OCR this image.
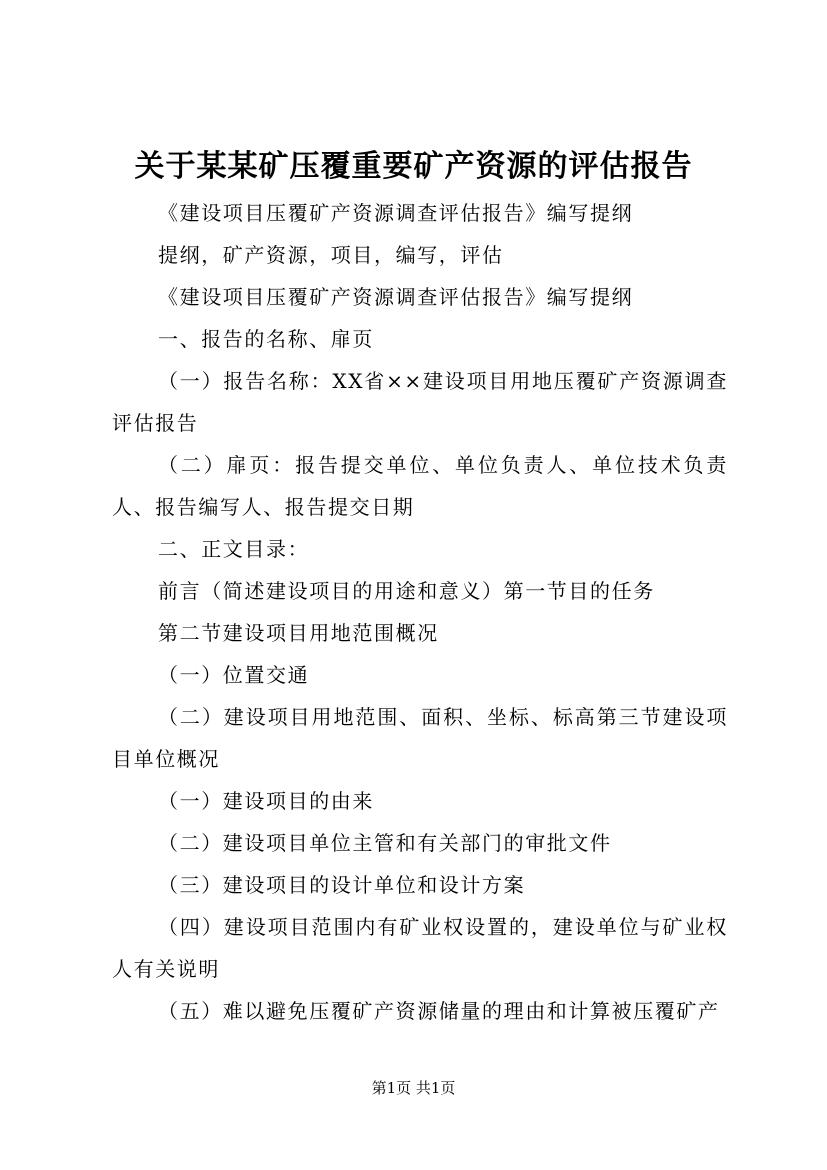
关于某某矿压覆重要矿产资源的评估报告

《建设项目压覆矿产资源调查评估报告》编写提纲

提纲，矿产资源，项目，编写，评估

《建设项目压覆矿产资源调查评估报告》编写提纲

一、报告的名称、扉页

（一）报告名称：XX省××建设项目用地压覆矿产资源调查评估报告

（二）扉页：报告提交单位、单位负责人、单位技术负责人、报告编写人、报告提交日期

二、正文目录：

前言（简述建设项目的用途和意义）第一节目的任务

第二节建设项目用地范围概况

（一）位置交通

（二）建设项目用地范围、面积、坐标、标高第三节建设项目单位概况

（一）建设项目的由来

（二）建设项目单位主管和有关部门的审批文件

（三）建设项目的设计单位和设计方案

（四）建设项目范围内有矿业权设置的，建设单位与矿业权人有关说明

（五）难以避免压覆矿产资源储量的理由和计算被压覆矿产

第1页 共1页
